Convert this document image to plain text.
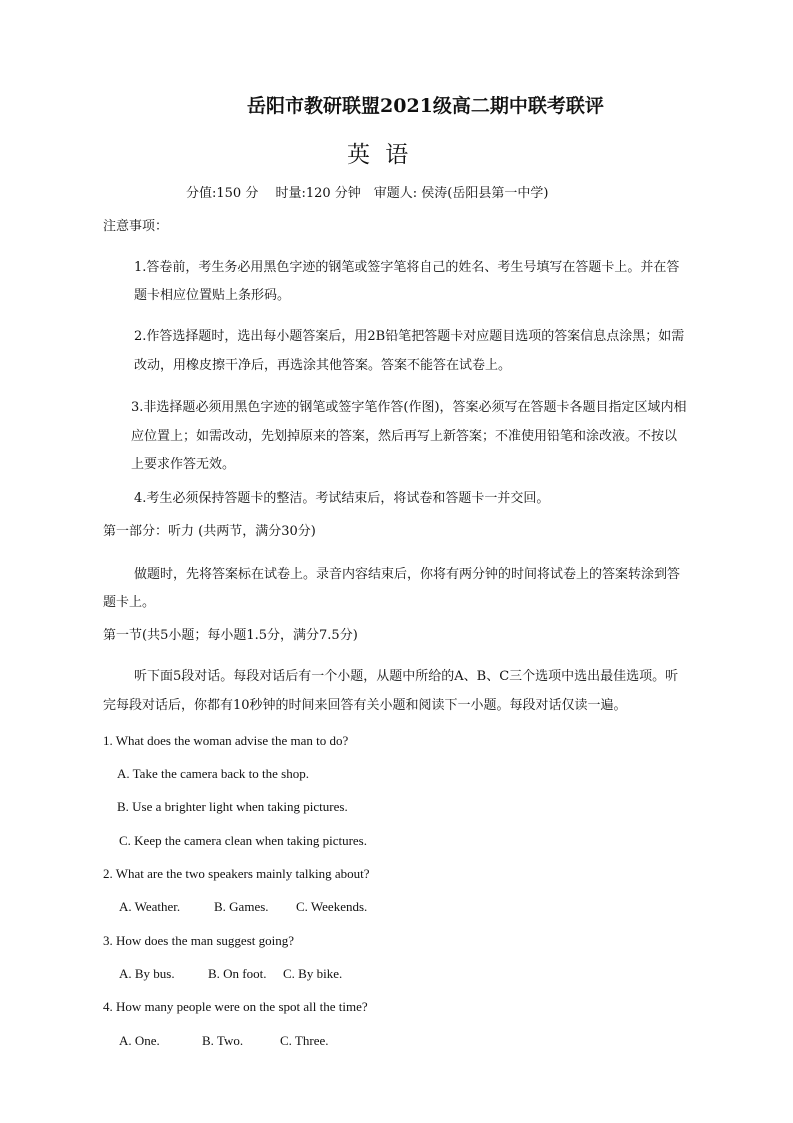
岳阳市教研联盟2021级高二期中联考联评
英 语
分值:150 分　 时量:120 分钟　审题人: 侯涛(岳阳县第一中学)
注意事项：
1.答卷前，考生务必用黑色字迹的钢笔或签字笔将自己的姓名、考生号填写在答题卡上。并在答
题卡相应位置贴上条形码。
2.作答选择题时，选出每小题答案后，用2B铅笔把答题卡对应题目选项的答案信息点涂黑；如需
改动，用橡皮擦干净后，再选涂其他答案。答案不能答在试卷上。
3.非选择题必须用黑色字迹的钢笔或签字笔作答(作图)，答案必须写在答题卡各题目指定区域内相
应位置上；如需改动，先划掉原来的答案，然后再写上新答案；不准使用铅笔和涂改液。不按以
上要求作答无效。
4.考生必须保持答题卡的整洁。考试结束后，将试卷和答题卡一并交回。
第一部分：听力 (共两节，满分30分)
做题时，先将答案标在试卷上。录音内容结束后，你将有两分钟的时间将试卷上的答案转涂到答
题卡上。
第一节(共5小题；每小题1.5分，满分7.5分)
听下面5段对话。每段对话后有一个小题，从题中所给的A、B、C三个选项中选出最佳选项。听
完每段对话后，你都有10秒钟的时间来回答有关小题和阅读下一小题。每段对话仅读一遍。
1. What does the woman advise the man to do?
A. Take the camera back to the shop.
B. Use a brighter light when taking pictures.
C. Keep the camera clean when taking pictures.
2. What are the two speakers mainly talking about?
A. Weather.	B. Games. C. Weekends.
3. How does the man suggest going?
A. By bus.	B. On foot. C. By bike.
4. How many people were on the spot all the time?
A. One.	B. Two.	C. Three.
